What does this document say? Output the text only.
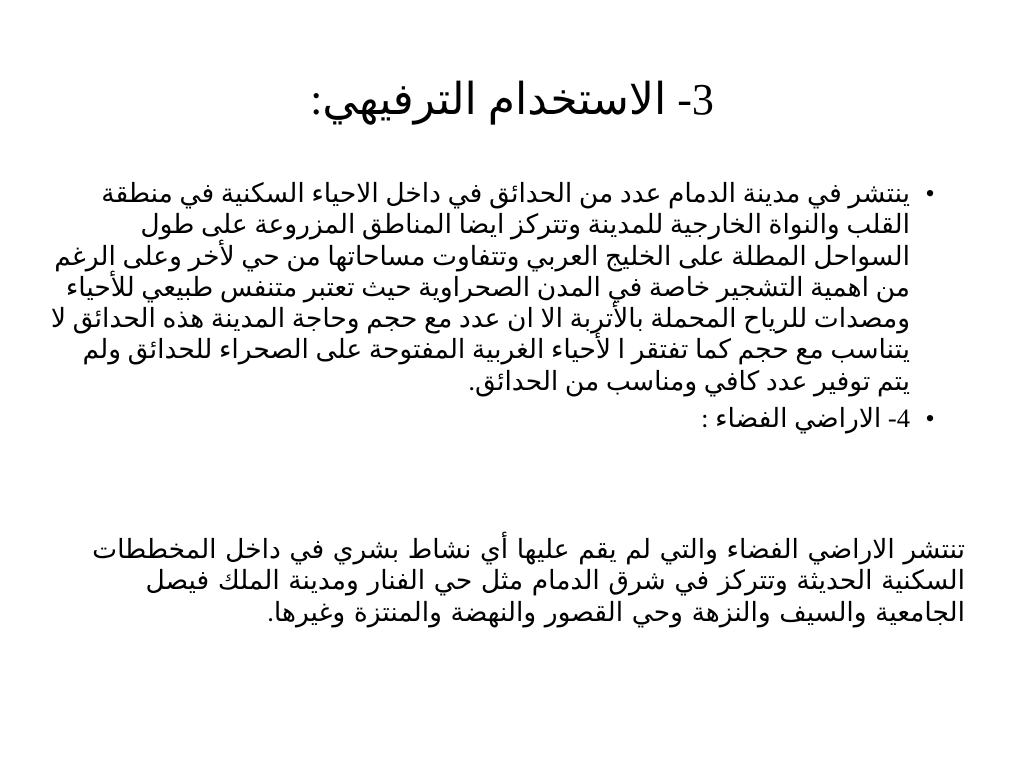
3- الاستخدام الترفيهي:
•
ينتشر في مدينة الدمام عدد من الحدائق في داخل الاحياء السكنية في منطقة القلب والنواة الخارجية للمدينة وتتركز ايضا المناطق المزروعة على طول السواحل المطلة على الخليج العربي وتتفاوت مساحاتها من حي لأخر وعلى الرغم من اهمية التشجير خاصة في المدن الصحراوية حيث تعتبر متنفس طبيعي للأحياء ومصدات للرياح المحملة بالأتربة الا ان عدد مع حجم وحاجة المدينة هذه الحدائق لا يتناسب مع حجم كما تفتقر ا لأحياء الغربية المفتوحة على الصحراء للحدائق ولم يتم توفير عدد كافي ومناسب من الحدائق.
•
4- الاراضي الفضاء :

تنتشر الاراضي الفضاء والتي لم يقم عليها أي نشاط بشري في داخل المخططات السكنية الحديثة وتتركز في شرق الدمام مثل حي الفنار ومدينة الملك فيصل الجامعية والسيف والنزهة وحي القصور والنهضة والمنتزة وغيرها.
